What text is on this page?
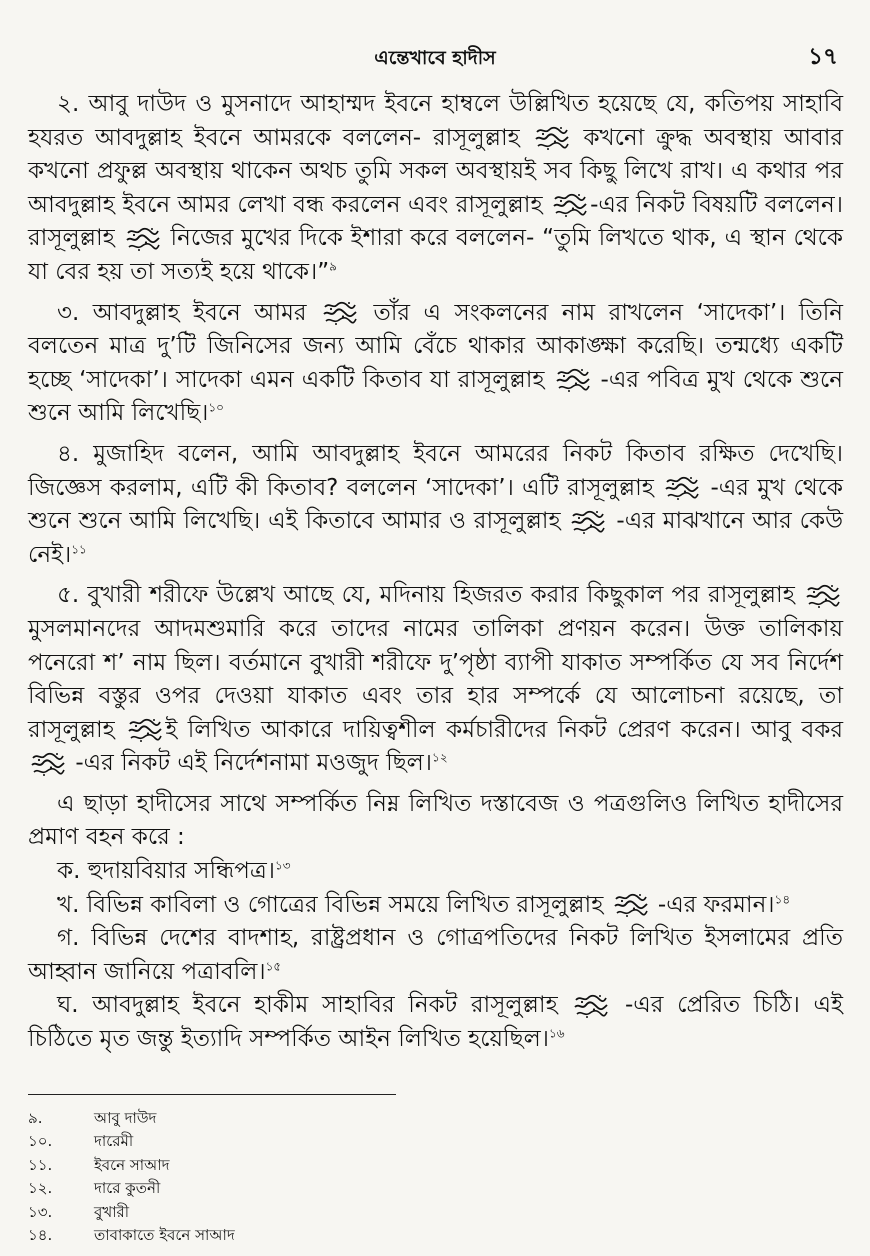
এন্তেখাবে হাদীস	১৭

২. আবু দাউদ ও মুসনাদে আহাম্মদ ইবনে হাম্বলে উল্লিখিত হয়েছে যে, কতিপয় সাহাবি হযরত আবদুল্লাহ ইবনে আমরকে বললেন- রাসূলুল্লাহ	কখনো ক্রুদ্ধ অবস্থায় আবার কখনো প্রফুল্ল অবস্থায় থাকেন অথচ তুমি সকল অবস্থায়ই সব কিছু লিখে রাখ। এ কথার পর আবদুল্লাহ ইবনে আমর লেখা বন্ধ করলেন এবং রাসূলুল্লাহ -এর নিকট বিষয়টি বললেন। রাসূলুল্লাহ নিজের মুখের দিকে ইশারা করে বললেন- “তুমি লিখতে থাক, এ স্থান থেকে যা বের হয় তা সত্যই হয়ে থাকে।”$^৯$

৩. আবদুল্লাহ ইবনে আমর	তাঁর এ সংকলনের নাম রাখলেন ‘সাদেকা’। তিনি বলতেন মাত্র দু’টি জিনিসের জন্য আমি বেঁচে থাকার আকাঙ্ক্ষা করেছি। তন্মধ্যে একটি হচ্ছে ‘সাদেকা’। সাদেকা এমন একটি কিতাব যা রাসূলুল্লাহ -এর পবিত্র মুখ থেকে শুনে শুনে আমি লিখেছি।$^{১০}$

৪. মুজাহিদ বলেন, আমি আবদুল্লাহ ইবনে আমরের নিকট কিতাব রক্ষিত দেখেছি। জিজ্ঞেস করলাম, এটি কী কিতাব? বললেন ‘সাদেকা’। এটি রাসূলুল্লাহ -এর মুখ থেকে শুনে শুনে আমি লিখেছি। এই কিতাবে আমার ও রাসূলুল্লাহ -এর মাঝখানে আর কেউ নেই।$^{১১}$

৫. বুখারী শরীফে উল্লেখ আছে যে, মদিনায় হিজরত করার কিছুকাল পর রাসূলুল্লাহ
মুসলমানদের আদমশুমারি করে তাদের নামের তালিকা প্রণয়ন করেন। উক্ত তালিকায় পনেরো শ’ নাম ছিল। বর্তমানে বুখারী শরীফে দু’পৃষ্ঠা ব্যাপী যাকাত সম্পর্কিত যে সব নির্দেশ বিভিন্ন বস্তুর ওপর দেওয়া যাকাত এবং তার হার সম্পর্কে যে আলোচনা রয়েছে, তা রাসূলুল্লাহ ই লিখিত আকারে দায়িত্বশীল কর্মচারীদের নিকট প্রেরণ করেন। আবু বকর
-এর নিকট এই নির্দেশনামা মওজুদ ছিল।$^{১২}$

এ ছাড়া হাদীসের সাথে সম্পর্কিত নিম্ন লিখিত দস্তাবেজ ও পত্রগুলিও লিখিত হাদীসের প্রমাণ বহন করে :

ক. হুদায়বিয়ার সন্ধিপত্র।$^{১৩}$

খ. বিভিন্ন কাবিলা ও গোত্রের বিভিন্ন সময়ে লিখিত রাসূলুল্লাহ -এর ফরমান।$^{১৪}$

গ. বিভিন্ন দেশের বাদশাহ, রাষ্ট্রপ্রধান ও গোত্রপতিদের নিকট লিখিত ইসলামের প্রতি আহ্বান জানিয়ে পত্রাবলি।$^{১৫}$

ঘ. আবদুল্লাহ ইবনে হাকীম সাহাবির নিকট রাসূলুল্লাহ	-এর প্রেরিত চিঠি। এই চিঠিতে মৃত জন্তু ইত্যাদি সম্পর্কিত আইন লিখিত হয়েছিল।$^{১৬}$

৯.	আবু দাউদ
১০.	দারেমী
১১.	ইবনে সাআদ
১২.	দারে কুতনী
১৩.	বুখারী
১৪.	তাবাকাতে ইবনে সাআদ
